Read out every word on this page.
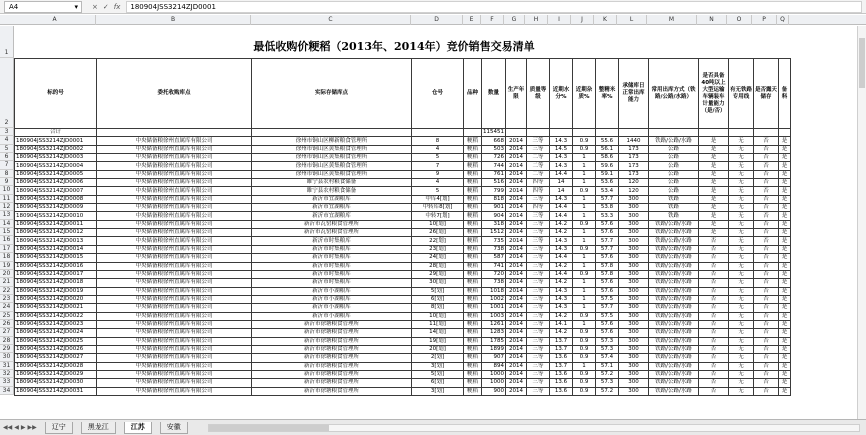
A4	▾ × ✓ fx	180904JSS3214ZJD0001
A	B	C	D	E	F	G	H	I	J	K	L	M	N	O	P	Q
1
2
3
4
5
6
7
8
9
10
11
12
13
14
15
16
17
18
19
20
21
22
23
24
25
26
27
28
29
30
31
32
33
34
最低收购价粳稻（2013年、2014年）竞价销售交易清单
标的号	委托收购库点	实际存储库点	仓号	品种	数量	生产年限	质量等级	近期水分%	近期杂质%	整精米率%	承储库日正常出库能力	常用出库方式（铁路/公路/水路）	是否具备40吨以上大型运输车辆装车计量能力（是/否）	有无铁路专用线	是否露天储存	备料
合计					115451											
180904JSS3214ZJD0001	中央储备粮徐州直属库有限公司	徐州市铜山区柳新粮食管理所	8	粳稻	668	2014	三等	14.3	0.9	55.6	1440	铁路/公路/水路	是	无	否	是
180904JSS3214ZJD0002	中央储备粮徐州直属库有限公司	徐州市铜山区黄集粮食管理所	4	粳稻	503	2014	三等	14.5	0.9	56.1	173	公路	是	无	否	是
180904JSS3214ZJD0003	中央储备粮徐州直属库有限公司	徐州市铜山区黄集粮食管理所	5	粳稻	726	2014	二等	14.3	1	58.6	173	公路	是	无	否	是
180904JSS3214ZJD0004	中央储备粮徐州直属库有限公司	徐州市铜山区黄集粮食管理所	7	粳稻	744	2014	二等	14.3	1	59.6	173	公路	是	无	否	是
180904JSS3214ZJD0005	中央储备粮徐州直属库有限公司	徐州市铜山区黄集粮食管理所	9	粳稻	761	2014	二等	14.4	1	59.1	173	公路	是	无	否	是
180904JSS3214ZJD0006	中央储备粮徐州直属库有限公司	睢宁县农村粮食储备	4	粳稻	516	2014	四等	14	1	53.6	120	公路	是	无	否	是
180904JSS3214ZJD0007	中央储备粮徐州直属库有限公司	睢宁县农村粮食储备	5	粳稻	799	2014	四等	14	0.9	53.4	120	公路	是	无	否	是
180904JSS3214ZJD0008	中央储备粮徐州直属库有限公司	新沂市宜湖粮库	中库4[划]	粳稻	818	2014	三等	14.3	1	57.7	300	铁路	是	无	否	是
180904JSS3214ZJD0009	中央储备粮徐州直属库有限公司	新沂市宜湖粮库	中转库8[划]	粳稻	901	2014	四等	14.4	1	53.8	300	铁路	是	无	否	是
180904JSS3214ZJD0010	中央储备粮徐州直属库有限公司	新沂市宜湖粮库	中转7[划]	粳稻	904	2014	三等	14.4	1	53.3	300	铁路	是	无	否	是
180904JSS3214ZJD0011	中央储备粮徐州直属库有限公司	新沂市瓦窑粮食管理所	10[划]	粳稻	318	2014	三等	14.2	0.9	57.6	300	铁路/公路/水路	是	无	否	是
180904JSS3214ZJD0012	中央储备粮徐州直属库有限公司	新沂市瓦窑粮食管理所	26[划]	粳稻	1512	2014	三等	14.2	1	57.6	300	铁路/公路/水路	是	无	否	是
180904JSS3214ZJD0013	中央储备粮徐州直属库有限公司	新沂市时集粮库	22[划]	粳稻	735	2014	三等	14.3	1	57.7	300	铁路/公路/水路	否	无	否	是
180904JSS3214ZJD0014	中央储备粮徐州直属库有限公司	新沂市时集粮库	23[划]	粳稻	738	2014	三等	14.3	0.9	57.7	300	铁路/公路/水路	否	无	否	是
180904JSS3214ZJD0015	中央储备粮徐州直属库有限公司	新沂市时集粮库	24[划]	粳稻	587	2014	三等	14.4	1	57.6	300	铁路/公路/水路	否	无	否	是
180904JSS3214ZJD0016	中央储备粮徐州直属库有限公司	新沂市时集粮库	28[划]	粳稻	741	2014	三等	14.2	1	57.8	300	铁路/公路/水路	否	无	否	是
180904JSS3214ZJD0017	中央储备粮徐州直属库有限公司	新沂市时集粮库	29[划]	粳稻	720	2014	三等	14.4	0.9	57.8	300	铁路/公路/水路	否	无	否	是
180904JSS3214ZJD0018	中央储备粮徐州直属库有限公司	新沂市时集粮库	30[划]	粳稻	738	2014	三等	14.2	1	57.6	300	铁路/公路/水路	否	无	否	是
180904JSS3214ZJD0019	中央储备粮徐州直属库有限公司	新沂市小湖粮库	5[划]	粳稻	1018	2014	三等	14.3	1	57.6	300	铁路/公路/水路	否	无	否	是
180904JSS3214ZJD0020	中央储备粮徐州直属库有限公司	新沂市小湖粮库	6[划]	粳稻	1002	2014	三等	14.3	1	57.5	300	铁路/公路/水路	否	无	否	是
180904JSS3214ZJD0021	中央储备粮徐州直属库有限公司	新沂市小湖粮库	8[划]	粳稻	1001	2014	三等	14.3	1	57.7	300	铁路/公路/水路	否	无	否	是
180904JSS3214ZJD0022	中央储备粮徐州直属库有限公司	新沂市小湖粮库	10[划]	粳稻	1003	2014	三等	14.2	0.9	57.5	300	铁路/公路/水路	否	无	否	是
180904JSS3214ZJD0023	中央储备粮徐州直属库有限公司	新沂市徐塘粮食管理所	11[划]	粳稻	1261	2014	三等	14.1	1	57.6	300	铁路/公路/水路	否	无	否	是
180904JSS3214ZJD0024	中央储备粮徐州直属库有限公司	新沂市徐塘粮食管理所	14[划]	粳稻	1283	2014	三等	14.2	0.9	57.6	300	铁路/公路/水路	否	无	否	是
180904JSS3214ZJD0025	中央储备粮徐州直属库有限公司	新沂市徐塘粮食管理所	19[划]	粳稻	1785	2014	三等	13.7	0.9	57.3	300	铁路/公路/水路	否	无	否	是
180904JSS3214ZJD0026	中央储备粮徐州直属库有限公司	新沂市徐塘粮食管理所	20[划]	粳稻	1899	2014	三等	13.7	0.9	57.3	300	铁路/公路/水路	否	无	否	是
180904JSS3214ZJD0027	中央储备粮徐州直属库有限公司	新沂市徐塘粮食管理所	2[划]	粳稻	907	2014	三等	13.6	0.9	57.4	300	铁路/公路/水路	否	无	否	是
180904JSS3214ZJD0028	中央储备粮徐州直属库有限公司	新沂市徐塘粮食管理所	3[划]	粳稻	894	2014	三等	13.7	1	57.1	300	铁路/公路/水路	否	无	否	是
180904JSS3214ZJD0029	中央储备粮徐州直属库有限公司	新沂市徐塘粮食管理所	5[划]	粳稻	1000	2014	三等	13.6	0.9	57.2	300	铁路/公路/水路	否	无	否	是
180904JSS3214ZJD0030	中央储备粮徐州直属库有限公司	新沂市徐塘粮食管理所	6[划]	粳稻	1000	2014	三等	13.6	0.9	57.3	300	铁路/公路/水路	否	无	否	是
180904JSS3214ZJD0031	中央储备粮徐州直属库有限公司	新沂市徐塘粮食管理所	3[划]	粳稻	900	2014	三等	13.6	0.9	57.2	300	铁路/公路/水路	否	无	否	是
◀◀ ◀ ▶ ▶▶	辽宁	黑龙江	江苏	安徽
